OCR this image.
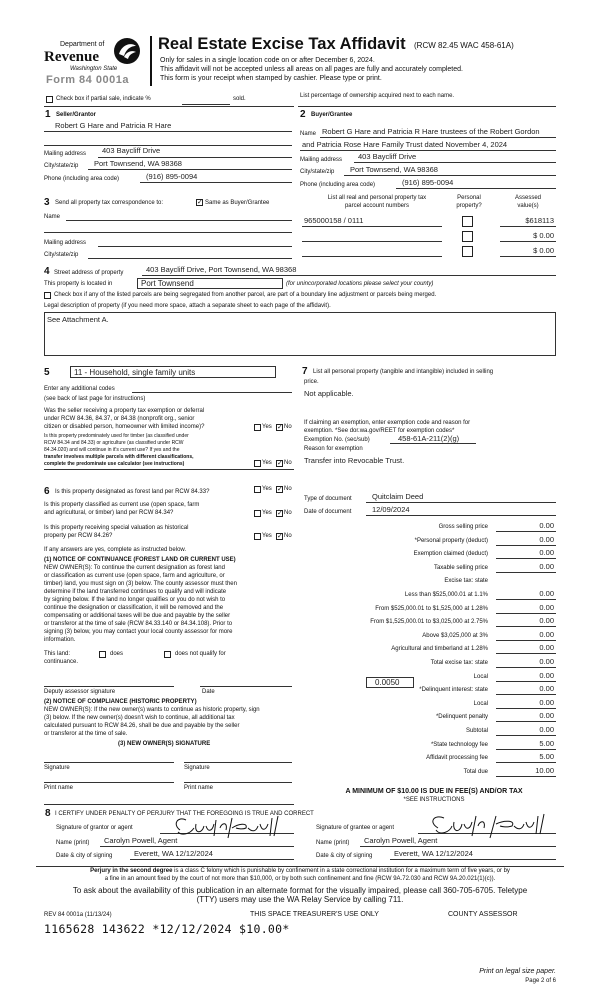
Department of
Revenue
Washington State
Form 84 0001a
Real Estate Excise Tax Affidavit (RCW 82.45 WAC 458-61A)
Only for sales in a single location code on or after December 6, 2024.
This affidavit will not be accepted unless all areas on all pages are fully and accurately completed.
This form is your receipt when stamped by cashier. Please type or print.
Check box if partial sale, indicate %	sold.	List percentage of ownership acquired next to each name.
1 Seller/Grantor
Robert G Hare and Patricia R Hare
Mailing address 403 Baycliff Drive
City/state/zip Port Townsend, WA 98368
Phone (including area code)	(916) 895-0094
2 Buyer/Grantee
Name Robert G Hare and Patricia R Hare trustees of the Robert Gordon
and Patricia Rose Hare Family Trust dated November 4, 2024
Mailing address 403 Baycliff Drive
City/state/zip Port Townsend, WA 98368
Phone (including area code)	(916) 895-0094
3 Send all property tax correspondence to:	✓ Same as Buyer/Grantee
Name
Mailing address
City/state/zip
List all real and personal property tax
parcel account numbers
Personal
property?
Assessed
value(s)
965000158 / 0111	$618113
$ 0.00
$ 0.00
4 Street address of property	403 Baycliff Drive, Port Townsend, WA 98368
This property is located in	Port Townsend	(for unincorporated locations please select your county)
Check box if any of the listed parcels are being segregated from another parcel, are part of a boundary line adjustment or parcels being merged.
Legal description of property (if you need more space, attach a separate sheet to each page of the affidavit).
See Attachment A.
5	11 - Household, single family units
Enter any additional codes
(see back of last page for instructions)
Was the seller receiving a property tax exemption or deferral
under RCW 84.36, 84.37, or 84.38 (nonprofit org., senior
citizen or disabled person, homeowner with limited income)?	Yes ✓ No
Is this property predominately used for timber (as classified under
RCW 84.34 and 84.33) or agriculture (as classified under RCW
84.34.020) and will continue in it's current use? If yes and the
transfer involves multiple parcels with different classifications,
complete the predominate use calculator (see instructions)	Yes ✓ No
6 Is this property designated as forest land per RCW 84.33?	Yes ✓ No
Is this property classified as current use (open space, farm
and agricultural, or timber) land per RCW 84.34?	Yes ✓ No
Is this property receiving special valuation as historical
property per RCW 84.26?	Yes ✓ No
If any answers are yes, complete as instructed below.
(1) NOTICE OF CONTINUANCE (FOREST LAND OR CURRENT USE)
NEW OWNER(S): To continue the current designation as forest land
or classification as current use (open space, farm and agriculture, or
timber) land, you must sign on (3) below. The county assessor must then
determine if the land transferred continues to qualify and will indicate
by signing below. If the land no longer qualifies or you do not wish to
continue the designation or classification, it will be removed and the
compensating or additional taxes will be due and payable by the seller
or transferor at the time of sale (RCW 84.33.140 or 84.34.108). Prior to
signing (3) below, you may contact your local county assessor for more
information.
This land:
continuance.
does	does not qualify for
Deputy assessor signature	Date
(2) NOTICE OF COMPLIANCE (HISTORIC PROPERTY)
NEW OWNER(S): If the new owner(s) wants to continue as historic property, sign
(3) below. If the new owner(s) doesn't wish to continue, all additional tax
calculated pursuant to RCW 84.26, shall be due and payable by the seller
or transferor at the time of sale.
(3) NEW OWNER(S) SIGNATURE
Signature	Signature
Print name	Print name
7 List all personal property (tangible and intangible) included in selling
price.
Not applicable.
If claiming an exemption, enter exemption code and reason for
exemption. *See dor.wa.gov/REET for exemption codes*
Exemption No. (sec/sub)	458-61A-211(2)(g)
Reason for exemption
Transfer into Revocable Trust.
Type of document	Quitclaim Deed
Date of document	12/09/2024
Gross selling price	0.00
*Personal property (deduct)	0.00
Exemption claimed (deduct)	0.00
Taxable selling price	0.00
Excise tax: state
Less than $525,000.01 at 1.1%	0.00
From $525,000.01 to $1,525,000 at 1.28%	0.00
From $1,525,000.01 to $3,025,000 at 2.75%	0.00
Above $3,025,000 at 3%	0.00
Agricultural and timberland at 1.28%	0.00
Total excise tax: state	0.00
Local	0.00
*Delinquent interest: state	0.00
Local	0.00
*Delinquent penalty	0.00
Subtotal	0.00
*State technology fee	5.00
Affidavit processing fee	5.00
Total due	10.00
0.0050
A MINIMUM OF $10.00 IS DUE IN FEE(S) AND/OR TAX
*SEE INSTRUCTIONS
8 I CERTIFY UNDER PENALTY OF PERJURY THAT THE FOREGOING IS TRUE AND CORRECT
Signature of grantor or agent
Name (print) Carolyn Powell, Agent
Date & city of signing	Everett, WA 12/12/2024
Signature of grantee or agent
Name (print) Carolyn Powell, Agent
Date & city of signing	Everett, WA 12/12/2024
Perjury in the second degree is a class C felony which is punishable by confinement in a state correctional institution for a maximum term of five years, or by
a fine in an amount fixed by the court of not more than $10,000, or by both such confinement and fine (RCW 9A.72.030 and RCW 9A.20.021(1)(c)).
To ask about the availability of this publication in an alternate format for the visually impaired, please call 360-705-6705. Teletype
(TTY) users may use the WA Relay Service by calling 711.
REV 84 0001a (11/13/24)	THIS SPACE TREASURER'S USE ONLY	COUNTY ASSESSOR
1165628 143622 *12/12/2024 $10.00*
Print on legal size paper.
Page 2 of 6
